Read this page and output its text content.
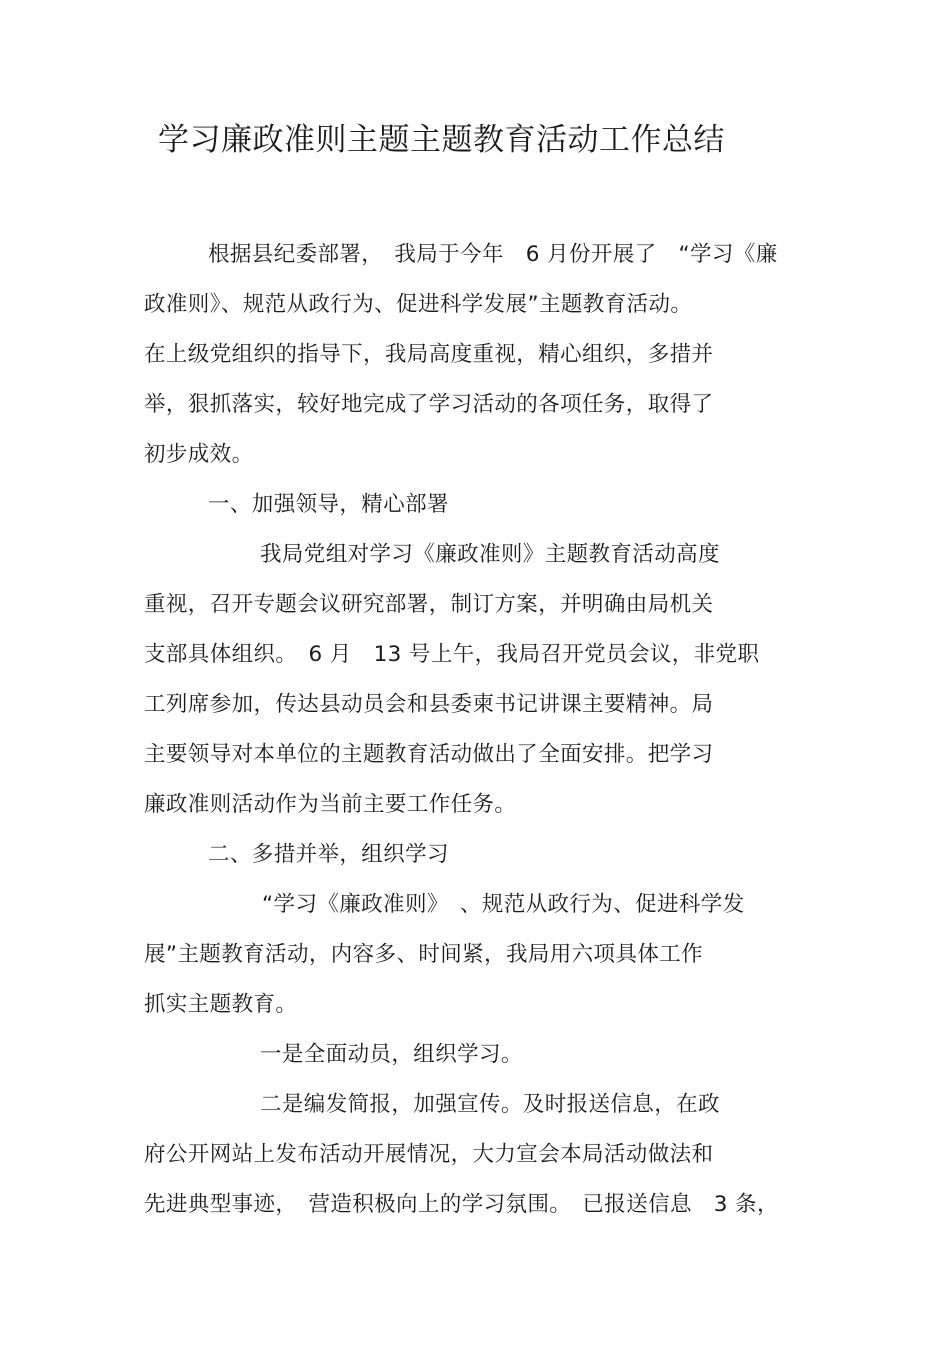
学习廉政准则主题主题教育活动工作总结
根据县纪委部署，　我局于今年　6 月份开展了　“学习《廉
政准则》、规范从政行为、促进科学发展”主题教育活动。
在上级党组织的指导下，我局高度重视，精心组织，多措并
举，狠抓落实，较好地完成了学习活动的各项任务，取得了
初步成效。
一、加强领导，精心部署
我局党组对学习《廉政准则》主题教育活动高度
重视，召开专题会议研究部署，制订方案，并明确由局机关
支部具体组织。　6 月　13 号上午，我局召开党员会议，非党职
工列席参加，传达县动员会和县委柬书记讲课主要精神。局
主要领导对本单位的主题教育活动做出了全面安排。把学习
廉政准则活动作为当前主要工作任务。
二、多措并举，组织学习
“学习《廉政准则》　、规范从政行为、促进科学发
展”主题教育活动，内容多、时间紧，我局用六项具体工作
抓实主题教育。
一是全面动员，组织学习。
二是编发简报，加强宣传。及时报送信息，在政
府公开网站上发布活动开展情况，大力宣会本局活动做法和
先进典型事迹，　营造积极向上的学习氛围。　已报送信息　3 条，
